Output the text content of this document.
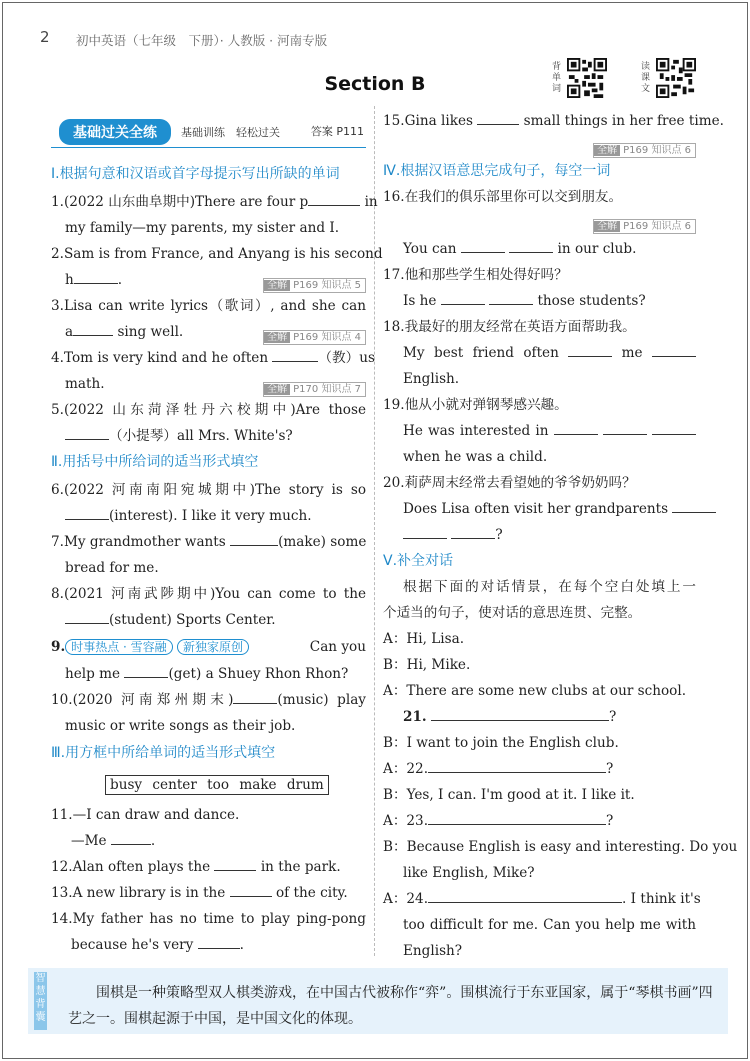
2 初中英语（七年级　下册）· 人教版 · 河南专版
Section B
背单词
读课文
基础过关全练	基础训练　轻松过关	答案 P111
Ⅰ.根据句意和汉语或首字母提示写出所缺的单词
1.(2022 山东曲阜期中)There are four p	in
my family—my parents, my sister and I.
2.Sam is from France, and Anyang is his second
h	.	全解 P169 知识点 5
3.Lisa can write lyrics（歌词）, and she can
a	sing well.	全解 P169 知识点 4
4.Tom is very kind and he often	（教）us
math.	全解 P170 知识点 7
5.(2022 山东菏泽牡丹六校期中)Are those
（小提琴）all Mrs. White's?
Ⅱ.用括号中所给词的适当形式填空
6.(2022 河南南阳宛城期中)The story is so
(interest). I like it very much.
7.My grandmother wants	(make) some
bread for me.
8.(2021 河南武陟期中)You can come to the
(student) Sports Center.
9. 时事热点 · 雪容融 新独家原创	Can you
help me	(get) a Shuey Rhon Rhon?
10.(2020 河南郑州期末)	(music) play
music or write songs as their job.
Ⅲ.用方框中所给单词的适当形式填空
busy center too make drum
11.—I can draw and dance.
—Me	.
12.Alan often plays the	in the park.
13.A new library is in the	of the city.
14.My father has no time to play ping-pong
because he's very	.
15.Gina likes	small things in her free time.
全解 P169 知识点 6
Ⅳ.根据汉语意思完成句子，每空一词
16.在我们的俱乐部里你可以交到朋友。
全解 P169 知识点 6
You can	in our club.
17.他和那些学生相处得好吗？
Is he	those students?
18.我最好的朋友经常在英语方面帮助我。
My best friend often	me
English.
19.他从小就对弹钢琴感兴趣。
He was interested in
when he was a child.
20.莉萨周末经常去看望她的爷爷奶奶吗？
Does Lisa often visit her grandparents
?
Ⅴ.补全对话
根据下面的对话情景，在每个空白处填上一
个适当的句子，使对话的意思连贯、完整。
A：Hi, Lisa.
B：Hi, Mike.
A：There are some new clubs at our school.
21.	?
B：I want to join the English club.
A：22.	?
B：Yes, I can. I'm good at it. I like it.
A：23.	?
B：Because English is easy and interesting. Do you
like English, Mike?
A：24.	. I think it's
too difficult for me. Can you help me with
English?
智慧背囊
围棋是一种策略型双人棋类游戏，在中国古代被称作“弈”。围棋流行于东亚国家，属于“琴棋书画”四艺之一。围棋起源于中国，是中国文化的体现。
